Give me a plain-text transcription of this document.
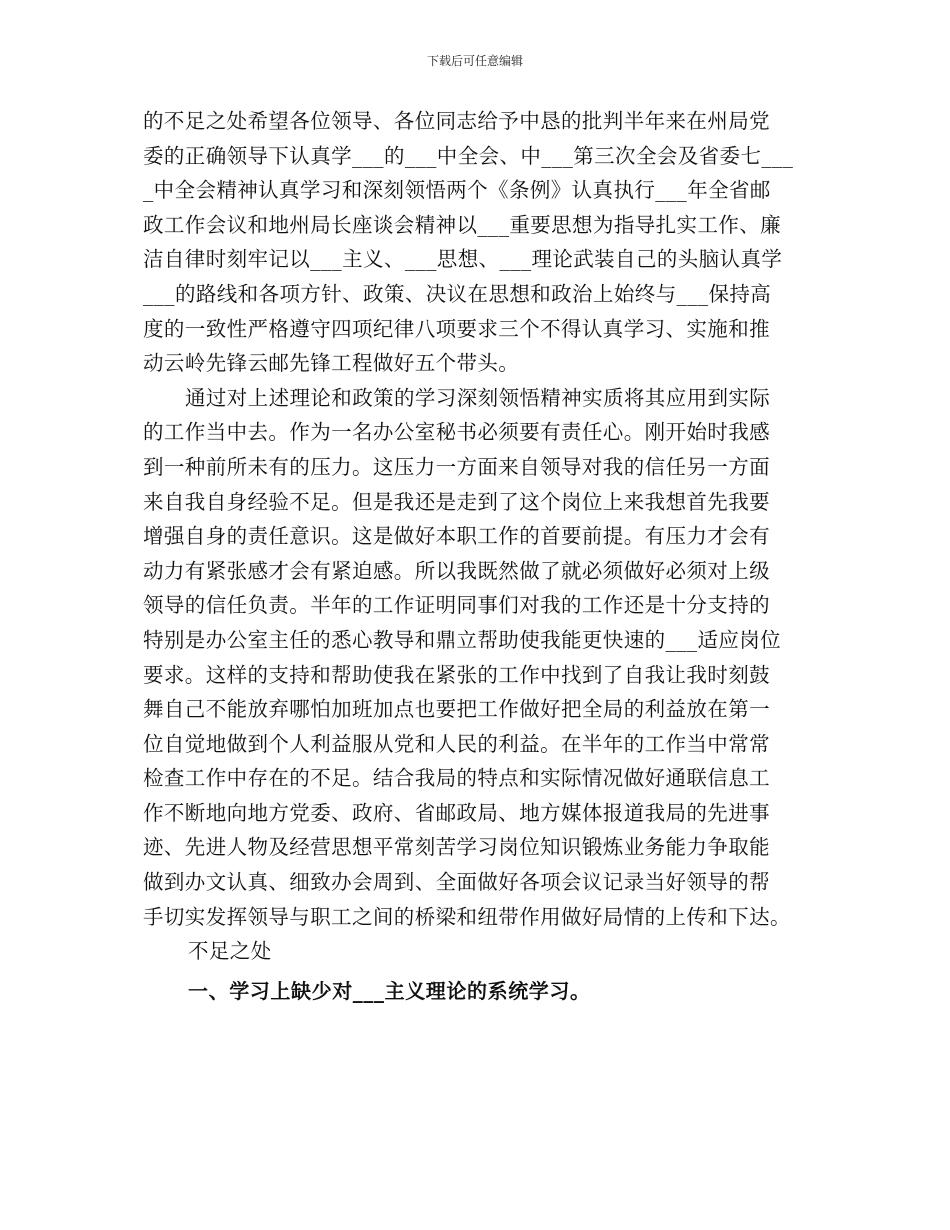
下载后可任意编辑
的不足之处希望各位领导、各位同志给予中恳的批判半年来在州局党
委的正确领导下认真学___的___中全会、中___第三次全会及省委七___
_中全会精神认真学习和深刻领悟两个《条例》认真执行___年全省邮
政工作会议和地州局长座谈会精神以___重要思想为指导扎实工作、廉
洁自律时刻牢记以___主义、___思想、___理论武装自己的头脑认真学
___的路线和各项方针、政策、决议在思想和政治上始终与___保持高
度的一致性严格遵守四项纪律八项要求三个不得认真学习、实施和推
动云岭先锋云邮先锋工程做好五个带头。
通过对上述理论和政策的学习深刻领悟精神实质将其应用到实际
的工作当中去。作为一名办公室秘书必须要有责任心。刚开始时我感
到一种前所未有的压力。这压力一方面来自领导对我的信任另一方面
来自我自身经验不足。但是我还是走到了这个岗位上来我想首先我要
增强自身的责任意识。这是做好本职工作的首要前提。有压力才会有
动力有紧张感才会有紧迫感。所以我既然做了就必须做好必须对上级
领导的信任负责。半年的工作证明同事们对我的工作还是十分支持的
特别是办公室主任的悉心教导和鼎立帮助使我能更快速的___适应岗位
要求。这样的支持和帮助使我在紧张的工作中找到了自我让我时刻鼓
舞自己不能放弃哪怕加班加点也要把工作做好把全局的利益放在第一
位自觉地做到个人利益服从党和人民的利益。在半年的工作当中常常
检查工作中存在的不足。结合我局的特点和实际情况做好通联信息工
作不断地向地方党委、政府、省邮政局、地方媒体报道我局的先进事
迹、先进人物及经营思想平常刻苦学习岗位知识锻炼业务能力争取能
做到办文认真、细致办会周到、全面做好各项会议记录当好领导的帮
手切实发挥领导与职工之间的桥梁和纽带作用做好局情的上传和下达。
不足之处
一、学习上缺少对___主义理论的系统学习。
